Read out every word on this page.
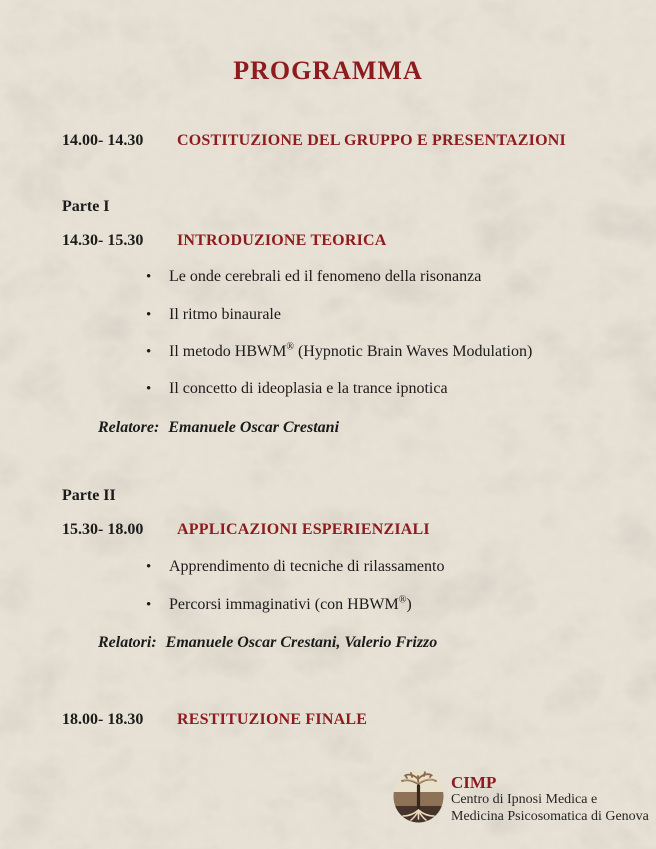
PROGRAMMA
14.00- 14.30 COSTITUZIONE DEL GRUPPO E PRESENTAZIONI
Parte I
14.30- 15.30 INTRODUZIONE TEORICA
• Le onde cerebrali ed il fenomeno della risonanza
• Il ritmo binaurale
• Il metodo HBWM® (Hypnotic Brain Waves Modulation)
• Il concetto di ideoplasia e la trance ipnotica
Relatore: Emanuele Oscar Crestani
Parte II
15.30- 18.00 APPLICAZIONI ESPERIENZIALI
• Apprendimento di tecniche di rilassamento
• Percorsi immaginativi (con HBWM®)
Relatori: Emanuele Oscar Crestani, Valerio Frizzo
18.00- 18.30 RESTITUZIONE FINALE
CIMP
Centro di Ipnosi Medica e
Medicina Psicosomatica di Genova
